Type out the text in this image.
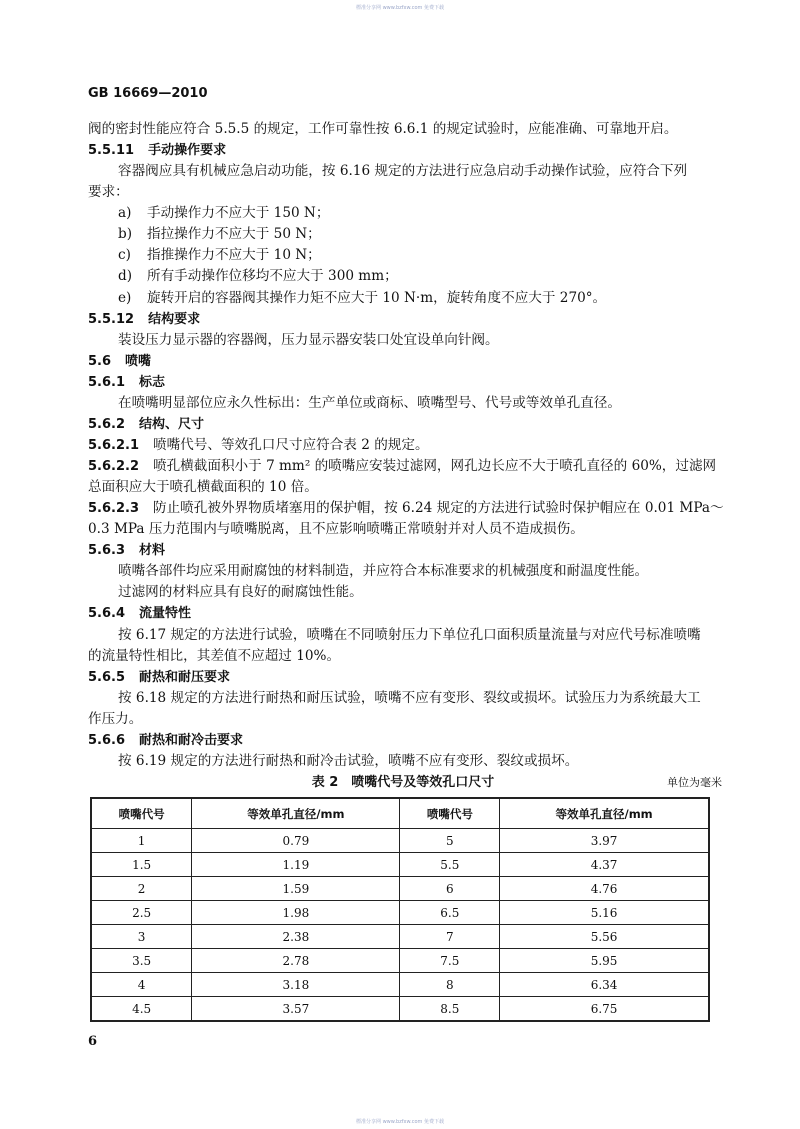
標准分享网 www.bzfxw.com 免费下载
GB 16669—2010
阀的密封性能应符合 5.5.5 的规定，工作可靠性按 6.6.1 的规定试验时，应能准确、可靠地开启。
5.5.11 手动操作要求
容器阀应具有机械应急启动功能，按 6.16 规定的方法进行应急启动手动操作试验，应符合下列
要求：
a) 手动操作力不应大于 150 N；
b) 指拉操作力不应大于 50 N；
c) 指推操作力不应大于 10 N；
d) 所有手动操作位移均不应大于 300 mm；
e) 旋转开启的容器阀其操作力矩不应大于 10 N·m，旋转角度不应大于 270°。
5.5.12 结构要求
装设压力显示器的容器阀，压力显示器安装口处宜设单向针阀。
5.6 喷嘴
5.6.1 标志
在喷嘴明显部位应永久性标出：生产单位或商标、喷嘴型号、代号或等效单孔直径。
5.6.2 结构、尺寸
5.6.2.1 喷嘴代号、等效孔口尺寸应符合表 2 的规定。
5.6.2.2 喷孔横截面积小于 7 mm² 的喷嘴应安装过滤网，网孔边长应不大于喷孔直径的 60%，过滤网
总面积应大于喷孔横截面积的 10 倍。
5.6.2.3 防止喷孔被外界物质堵塞用的保护帽，按 6.24 规定的方法进行试验时保护帽应在 0.01 MPa～
0.3 MPa 压力范围内与喷嘴脱离，且不应影响喷嘴正常喷射并对人员不造成损伤。
5.6.3 材料
喷嘴各部件均应采用耐腐蚀的材料制造，并应符合本标准要求的机械强度和耐温度性能。
过滤网的材料应具有良好的耐腐蚀性能。
5.6.4 流量特性
按 6.17 规定的方法进行试验，喷嘴在不同喷射压力下单位孔口面积质量流量与对应代号标准喷嘴
的流量特性相比，其差值不应超过 10%。
5.6.5 耐热和耐压要求
按 6.18 规定的方法进行耐热和耐压试验，喷嘴不应有变形、裂纹或损坏。试验压力为系统最大工
作压力。
5.6.6 耐热和耐冷击要求
按 6.19 规定的方法进行耐热和耐冷击试验，喷嘴不应有变形、裂纹或损坏。
表 2　喷嘴代号及等效孔口尺寸	单位为毫米
喷嘴代号	等效单孔直径/mm	喷嘴代号	等效单孔直径/mm
1	0.79	5	3.97
1.5	1.19	5.5	4.37
2	1.59	6	4.76
2.5	1.98	6.5	5.16
3	2.38	7	5.56
3.5	2.78	7.5	5.95
4	3.18	8	6.34
4.5	3.57	8.5	6.75
6
標准分享网 www.bzfxw.com 免费下载
